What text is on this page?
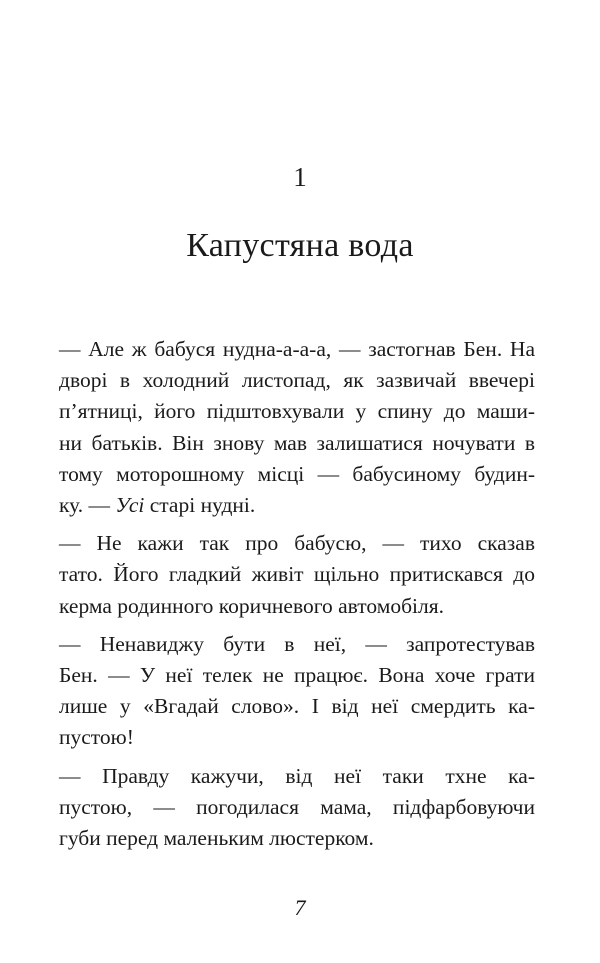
1
Капустяна вода
— Але ж бабуся нудна-а-а-а, — застогнав Бен. На
дворі в холодний листопад, як зазвичай ввечері
п’ятниці, його підштовхували у спину до маши-
ни батьків. Він знову мав залишатися ночувати в
тому моторошному місці — бабусиному будин-
ку. — Усі старі нудні.
— Не кажи так про бабусю, — тихо сказав
тато. Його гладкий живіт щільно притискався до
керма родинного коричневого автомобіля.
— Ненавиджу бути в неї, — запротестував
Бен. — У неї телек не працює. Вона хоче грати
лише у «Вгадай слово». І від неї смердить ка-
пустою!
— Правду кажучи, від неї таки тхне ка-
пустою, — погодилася мама, підфарбовуючи
губи перед маленьким люстерком.
7
